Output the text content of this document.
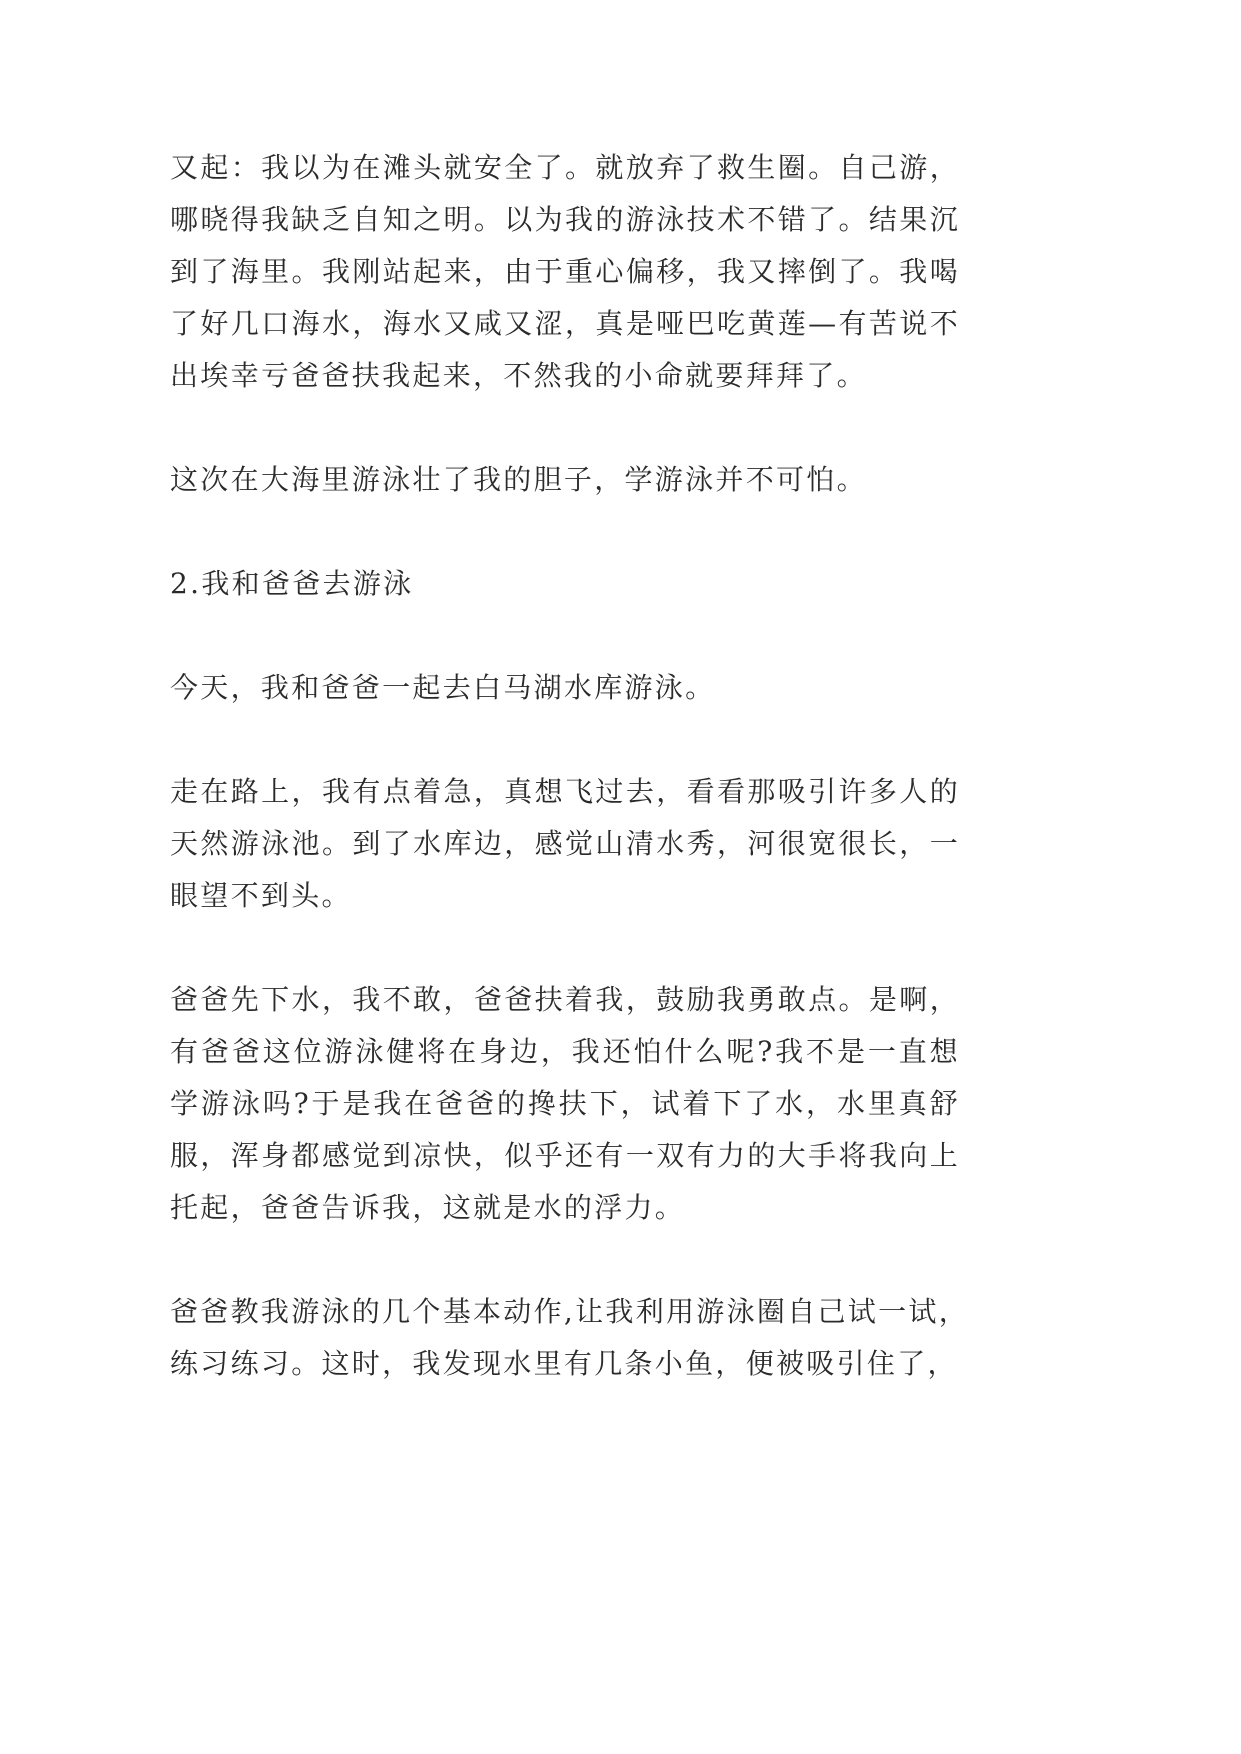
又起：我以为在滩头就安全了。就放弃了救生圈。自己游，
哪晓得我缺乏自知之明。以为我的游泳技术不错了。结果沉
到了海里。我刚站起来，由于重心偏移，我又摔倒了。我喝
了好几口海水，海水又咸又涩，真是哑巴吃黄莲—有苦说不
出埃幸亏爸爸扶我起来，不然我的小命就要拜拜了。
这次在大海里游泳壮了我的胆子，学游泳并不可怕。
2.我和爸爸去游泳
今天，我和爸爸一起去白马湖水库游泳。
走在路上，我有点着急，真想飞过去，看看那吸引许多人的
天然游泳池。到了水库边，感觉山清水秀，河很宽很长，一
眼望不到头。
爸爸先下水，我不敢，爸爸扶着我，鼓励我勇敢点。是啊，
有爸爸这位游泳健将在身边，我还怕什么呢?我不是一直想
学游泳吗?于是我在爸爸的搀扶下，试着下了水，水里真舒
服，浑身都感觉到凉快，似乎还有一双有力的大手将我向上
托起，爸爸告诉我，这就是水的浮力。
爸爸教我游泳的几个基本动作,让我利用游泳圈自己试一试，
练习练习。这时，我发现水里有几条小鱼，便被吸引住了，
